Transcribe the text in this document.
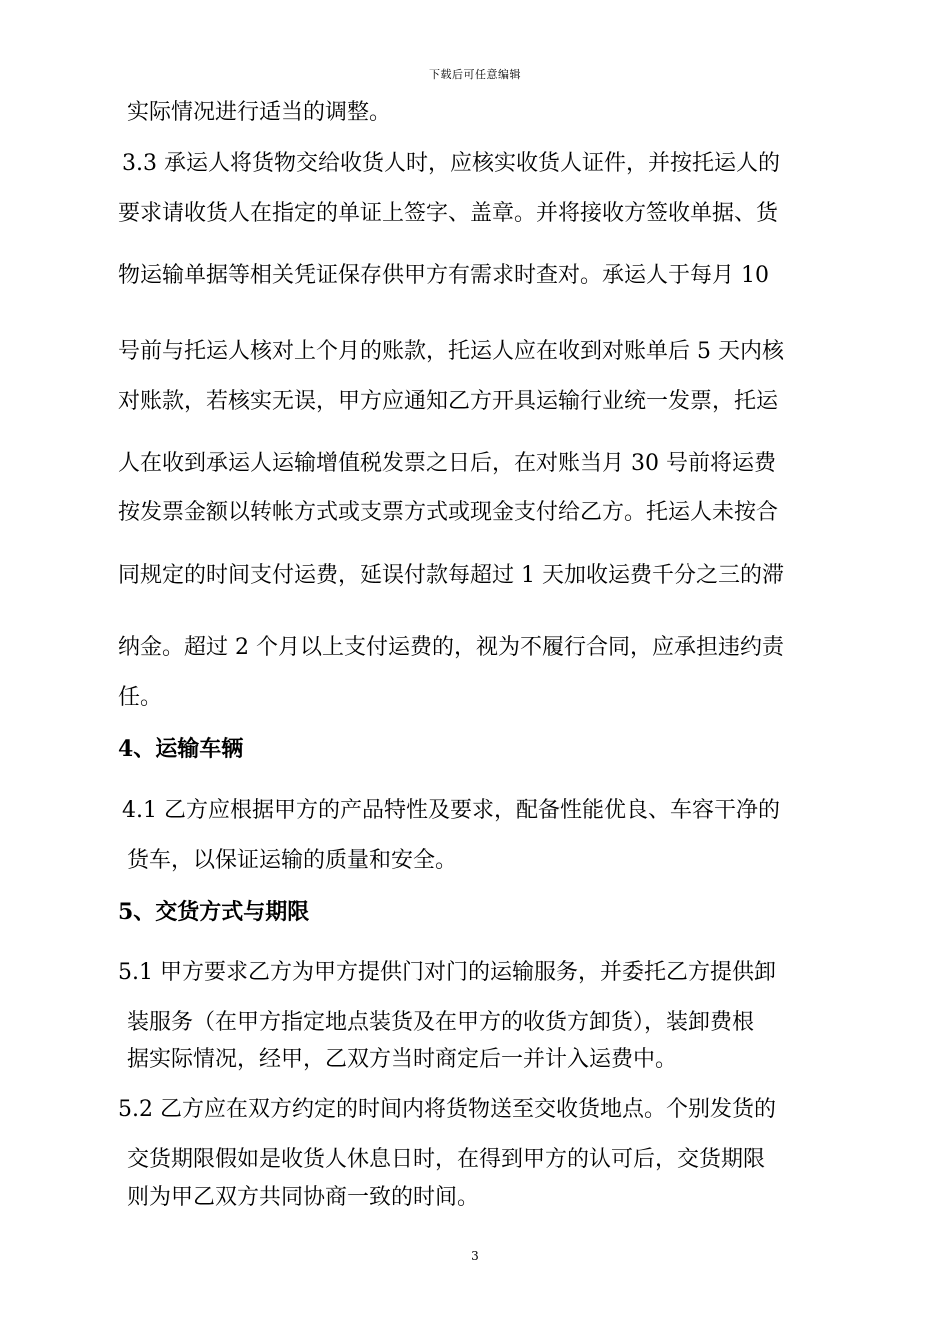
下载后可任意编辑
实际情况进行适当的调整。
3.3 承运人将货物交给收货人时，应核实收货人证件，并按托运人的
要求请收货人在指定的单证上签字、盖章。并将接收方签收单据、货
物运输单据等相关凭证保存供甲方有需求时查对。承运人于每月 10
号前与托运人核对上个月的账款，托运人应在收到对账单后 5 天内核
对账款，若核实无误，甲方应通知乙方开具运输行业统一发票，托运
人在收到承运人运输增值税发票之日后，在对账当月 30 号前将运费
按发票金额以转帐方式或支票方式或现金支付给乙方。托运人未按合
同规定的时间支付运费，延误付款每超过 1 天加收运费千分之三的滞
纳金。超过 2 个月以上支付运费的，视为不履行合同，应承担违约责
任。
4、运输车辆
4.1 乙方应根据甲方的产品特性及要求，配备性能优良、车容干净的
货车，以保证运输的质量和安全。
5、交货方式与期限
5.1 甲方要求乙方为甲方提供门对门的运输服务，并委托乙方提供卸
装服务（在甲方指定地点装货及在甲方的收货方卸货），装卸费根
据实际情况，经甲，乙双方当时商定后一并计入运费中。
5.2 乙方应在双方约定的时间内将货物送至交收货地点。个别发货的
交货期限假如是收货人休息日时，在得到甲方的认可后，交货期限
则为甲乙双方共同协商一致的时间。
3
